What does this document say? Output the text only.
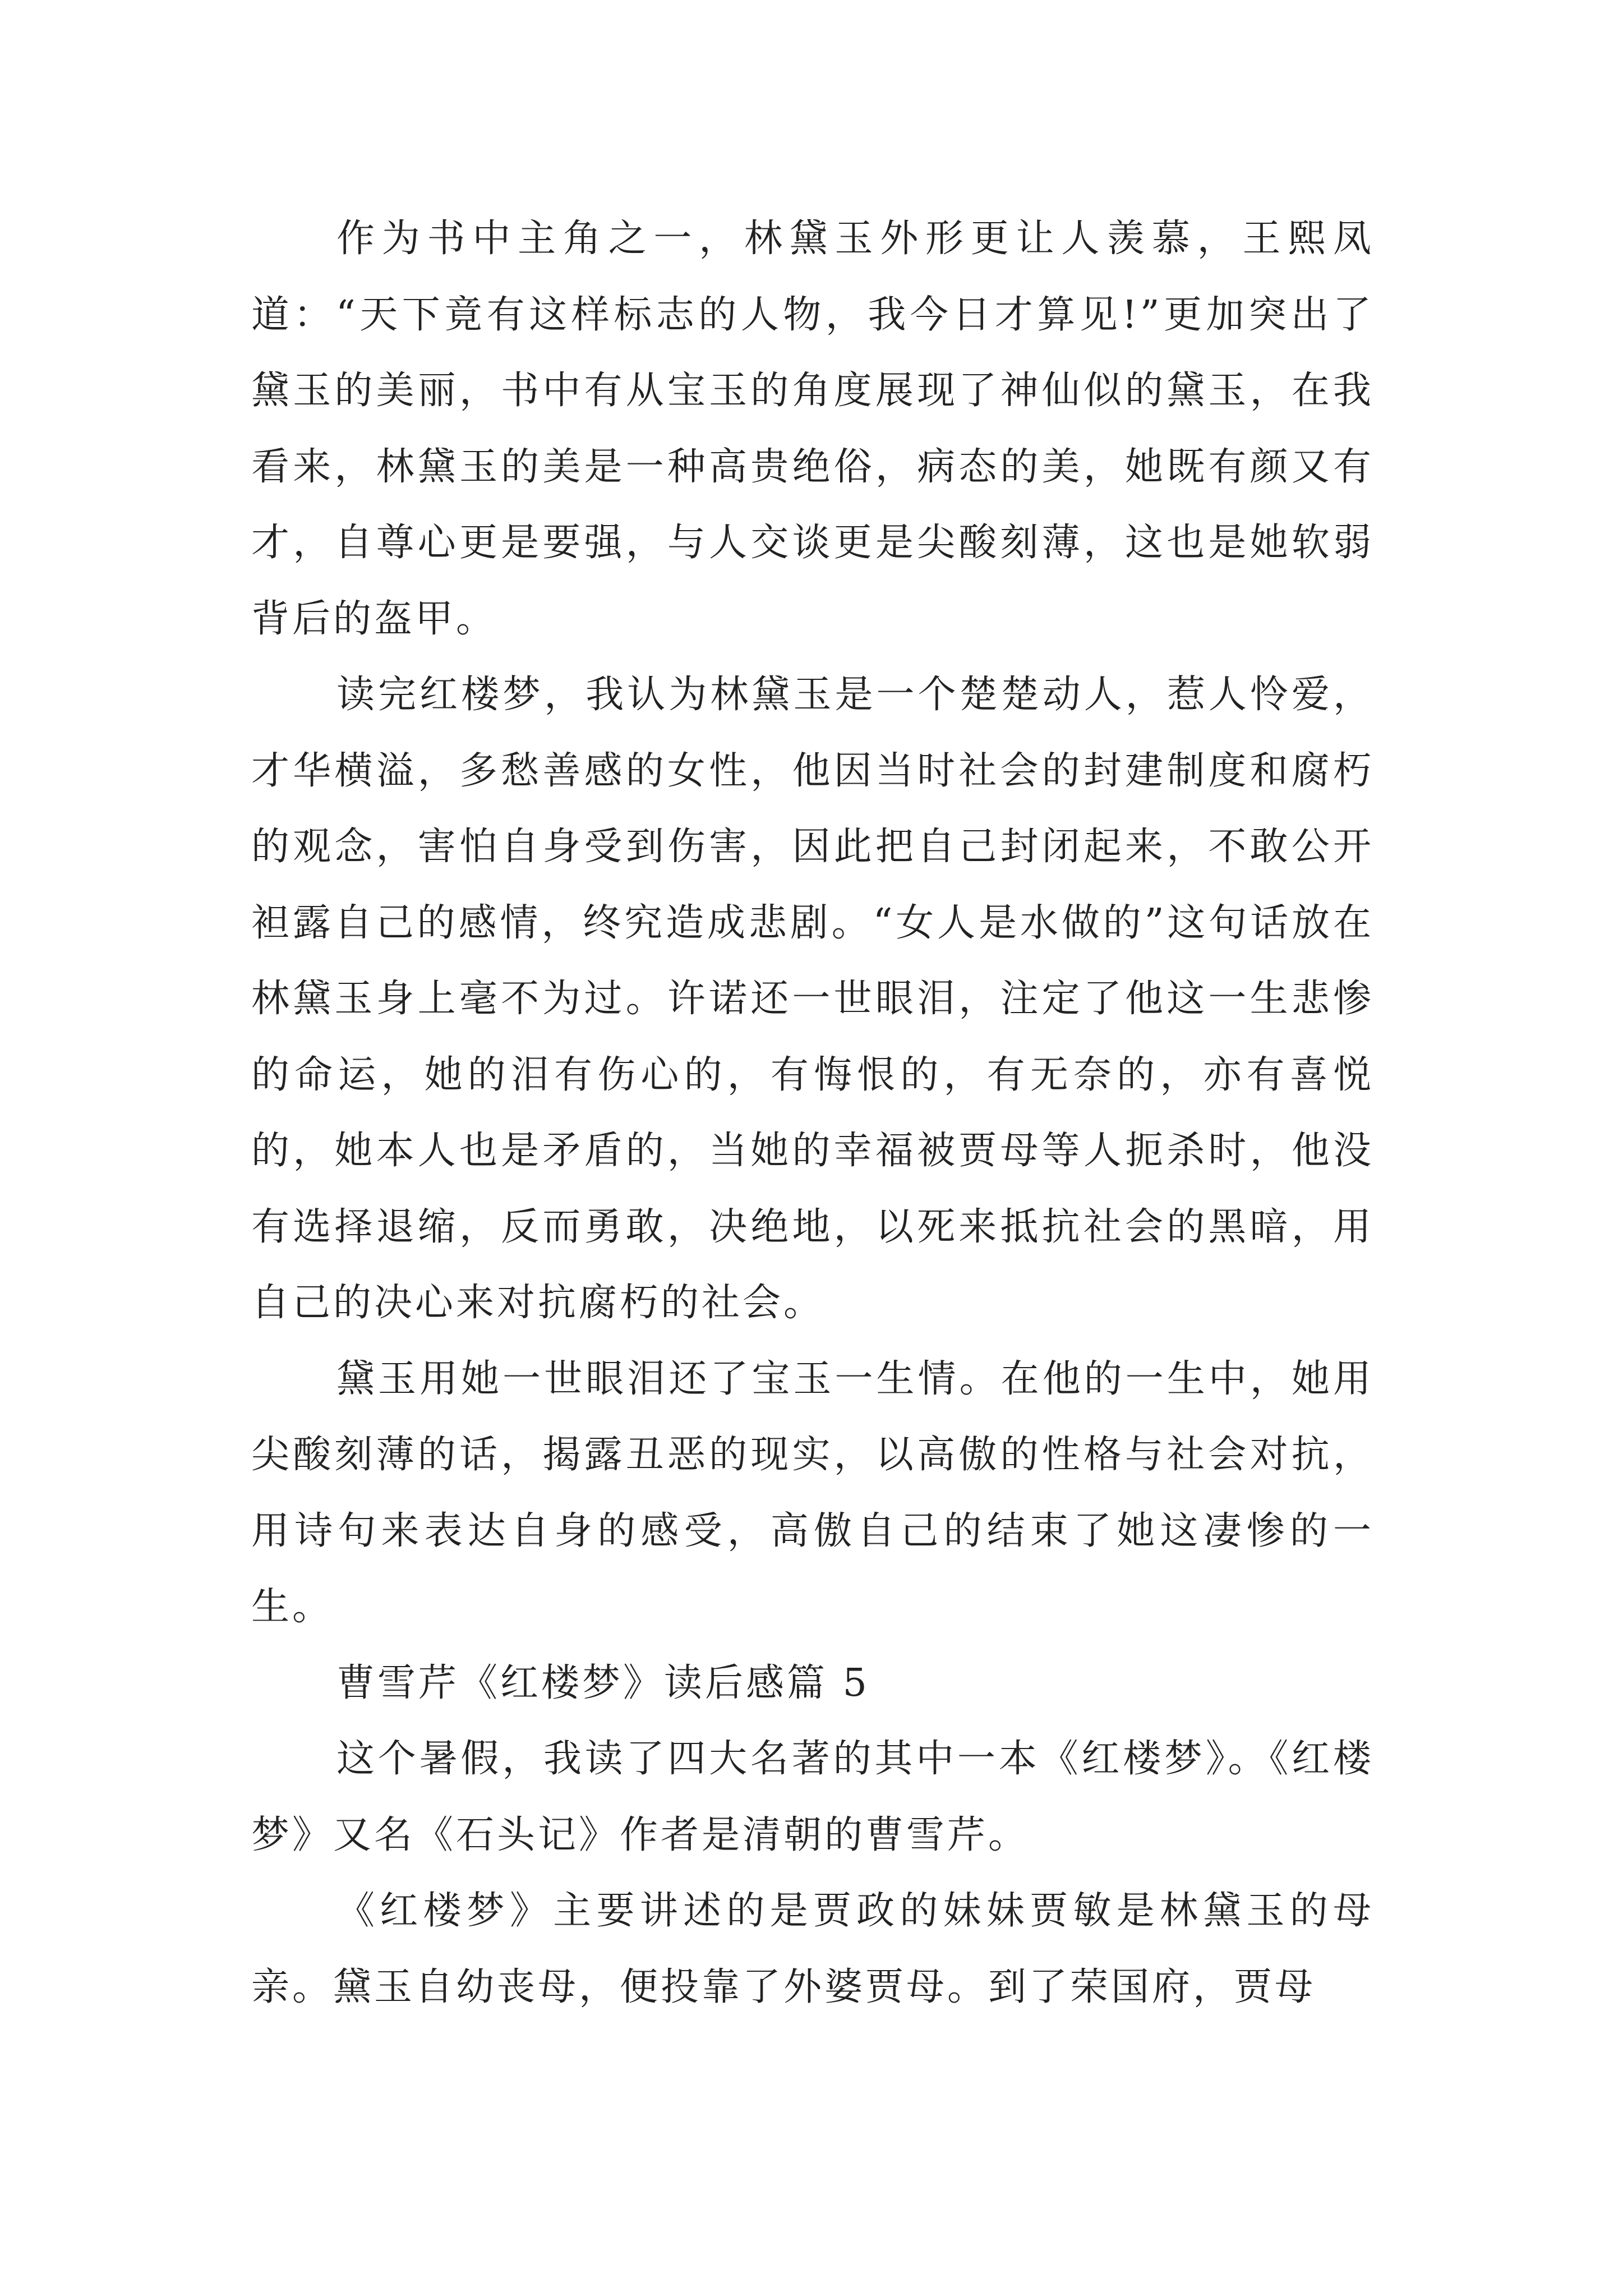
作为书中主角之一，林黛玉外形更让人羡慕，王熙凤道：“天下竟有这样标志的人物，我今日才算见!”更加突出了黛玉的美丽，书中有从宝玉的角度展现了神仙似的黛玉，在我看来，林黛玉的美是一种高贵绝俗，病态的美，她既有颜又有才，自尊心更是要强，与人交谈更是尖酸刻薄，这也是她软弱背后的盔甲。

读完红楼梦，我认为林黛玉是一个楚楚动人，惹人怜爱，才华横溢，多愁善感的女性，他因当时社会的封建制度和腐朽的观念，害怕自身受到伤害，因此把自己封闭起来，不敢公开袒露自己的感情，终究造成悲剧。“女人是水做的”这句话放在林黛玉身上毫不为过。许诺还一世眼泪，注定了他这一生悲惨的命运，她的泪有伤心的，有悔恨的，有无奈的，亦有喜悦的，她本人也是矛盾的，当她的幸福被贾母等人扼杀时，他没有选择退缩，反而勇敢，决绝地，以死来抵抗社会的黑暗，用自己的决心来对抗腐朽的社会。

黛玉用她一世眼泪还了宝玉一生情。在他的一生中，她用尖酸刻薄的话，揭露丑恶的现实，以高傲的性格与社会对抗，用诗句来表达自身的感受，高傲自己的结束了她这凄惨的一生。

曹雪芹《红楼梦》读后感篇 5

这个暑假，我读了四大名著的其中一本《红楼梦》。《红楼梦》又名《石头记》作者是清朝的曹雪芹。

《红楼梦》主要讲述的是贾政的妹妹贾敏是林黛玉的母亲。黛玉自幼丧母，便投靠了外婆贾母。到了荣国府，贾母
